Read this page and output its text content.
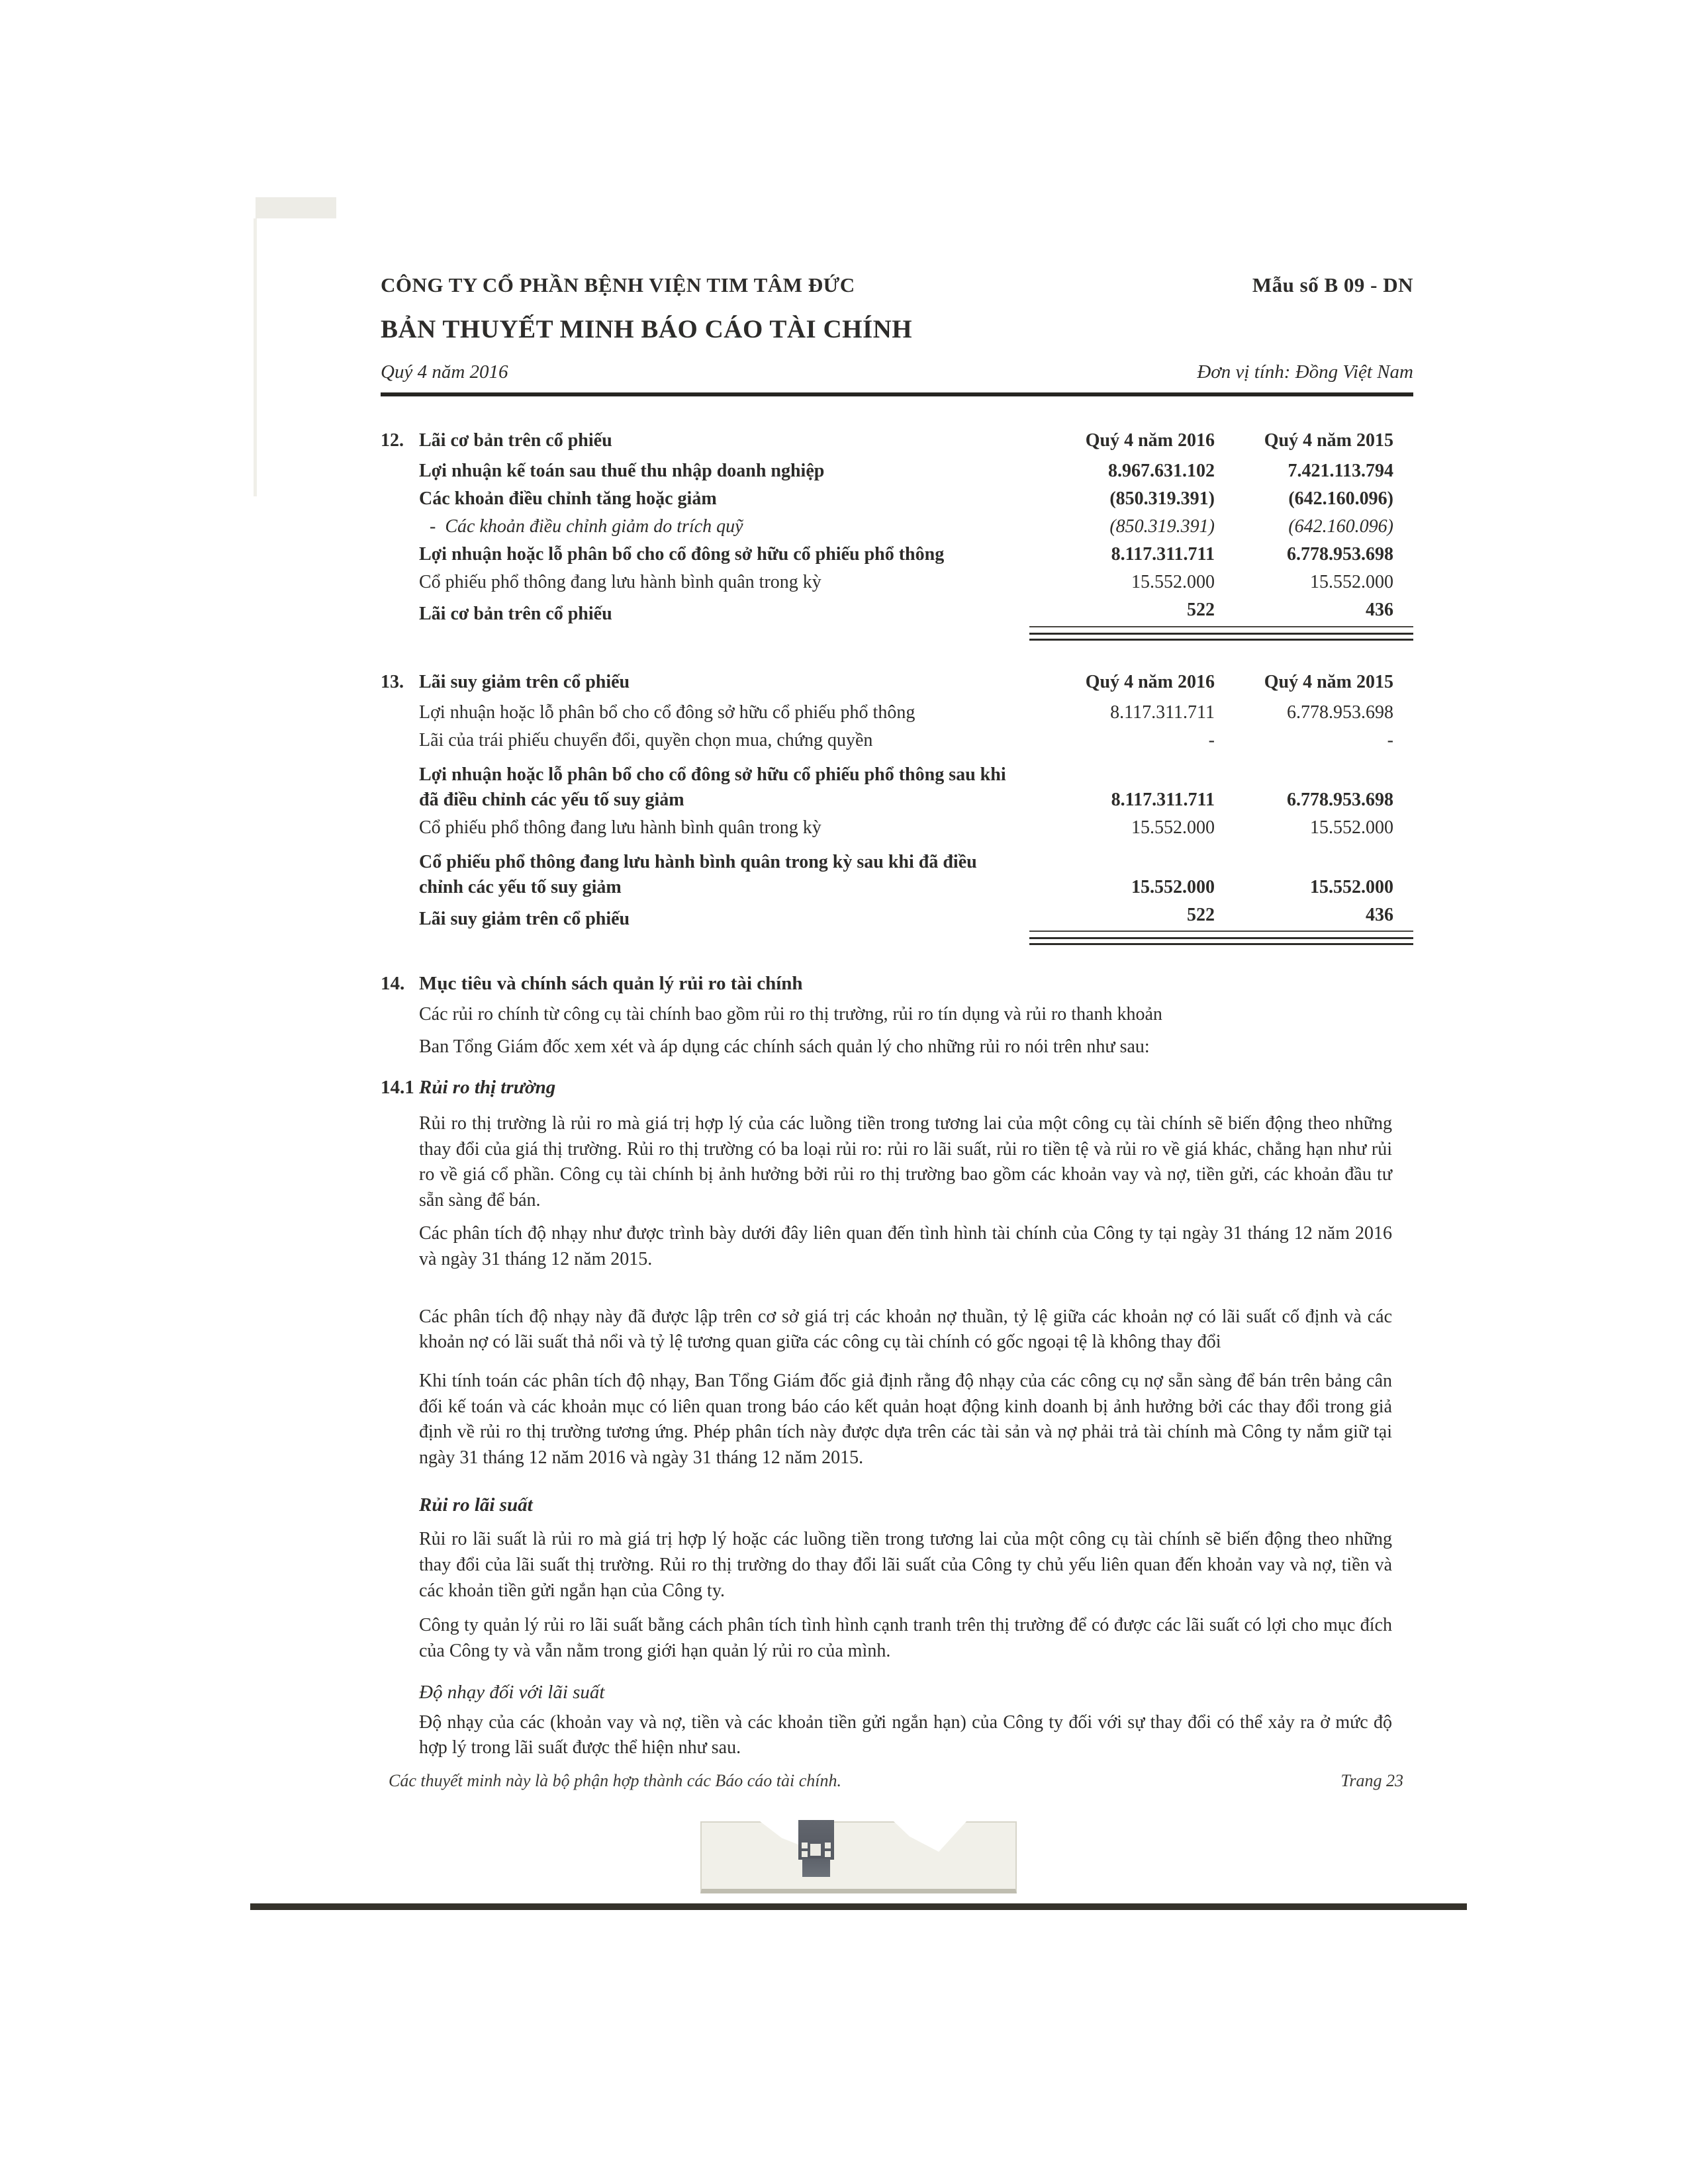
CÔNG TY CỔ PHẦN BỆNH VIỆN TIM TÂM ĐỨC	Mẫu số B 09 - DN
BẢN THUYẾT MINH BÁO CÁO TÀI CHÍNH
Quý 4 năm 2016	Đơn vị tính: Đồng Việt Nam
12. Lãi cơ bản trên cổ phiếu	Quý 4 năm 2016	Quý 4 năm 2015
Lợi nhuận kế toán sau thuế thu nhập doanh nghiệp	8.967.631.102	7.421.113.794
Các khoản điều chỉnh tăng hoặc giảm	(850.319.391)	(642.160.096)
-  Các khoản điều chỉnh giảm do trích quỹ	(850.319.391)	(642.160.096)
Lợi nhuận hoặc lỗ phân bổ cho cổ đông sở hữu cổ phiếu phổ thông	8.117.311.711	6.778.953.698
Cổ phiếu phổ thông đang lưu hành bình quân trong kỳ	15.552.000	15.552.000
Lãi cơ bản trên cổ phiếu	522	436
13. Lãi suy giảm trên cổ phiếu	Quý 4 năm 2016	Quý 4 năm 2015
Lợi nhuận hoặc lỗ phân bổ cho cổ đông sở hữu cổ phiếu phổ thông	8.117.311.711	6.778.953.698
Lãi của trái phiếu chuyển đổi, quyền chọn mua, chứng quyền	-	-
Lợi nhuận hoặc lỗ phân bổ cho cổ đông sở hữu cổ phiếu phổ thông sau khi đã điều chỉnh các yếu tố suy giảm	8.117.311.711	6.778.953.698
Cổ phiếu phổ thông đang lưu hành bình quân trong kỳ	15.552.000	15.552.000
Cổ phiếu phổ thông đang lưu hành bình quân trong kỳ sau khi đã điều chỉnh các yếu tố suy giảm	15.552.000	15.552.000
Lãi suy giảm trên cổ phiếu	522	436
14. Mục tiêu và chính sách quản lý rủi ro tài chính
Các rủi ro chính từ công cụ tài chính bao gồm rủi ro thị trường, rủi ro tín dụng và rủi ro thanh khoản
Ban Tổng Giám đốc xem xét và áp dụng các chính sách quản lý cho những rủi ro nói trên như sau:
14.1 Rủi ro thị trường
Rủi ro thị trường là rủi ro mà giá trị hợp lý của các luồng tiền trong tương lai của một công cụ tài chính sẽ biến động theo những thay đổi của giá thị trường. Rủi ro thị trường có ba loại rủi ro: rủi ro lãi suất, rủi ro tiền tệ và rủi ro về giá khác, chẳng hạn như rủi ro về giá cổ phần. Công cụ tài chính bị ảnh hưởng bởi rủi ro thị trường bao gồm các khoản vay và nợ, tiền gửi, các khoản đầu tư sẵn sàng để bán.
Các phân tích độ nhạy như được trình bày dưới đây liên quan đến tình hình tài chính của Công ty tại ngày 31 tháng 12 năm 2016 và ngày 31 tháng 12 năm 2015.
Các phân tích độ nhạy này đã được lập trên cơ sở giá trị các khoản nợ thuần, tỷ lệ giữa các khoản nợ có lãi suất cố định và các khoản nợ có lãi suất thả nổi và tỷ lệ tương quan giữa các công cụ tài chính có gốc ngoại tệ là không thay đổi
Khi tính toán các phân tích độ nhạy, Ban Tổng Giám đốc giả định rằng độ nhạy của các công cụ nợ sẵn sàng để bán trên bảng cân đối kế toán và các khoản mục có liên quan trong báo cáo kết quản hoạt động kinh doanh bị ảnh hưởng bởi các thay đổi trong giả định về rủi ro thị trường tương ứng. Phép phân tích này được dựa trên các tài sản và nợ phải trả tài chính mà Công ty nắm giữ tại ngày 31 tháng 12 năm 2016 và ngày 31 tháng 12 năm 2015.
Rủi ro lãi suất
Rủi ro lãi suất là rủi ro mà giá trị hợp lý hoặc các luồng tiền trong tương lai của một công cụ tài chính sẽ biến động theo những thay đổi của lãi suất thị trường. Rủi ro thị trường do thay đổi lãi suất của Công ty chủ yếu liên quan đến khoản vay và nợ, tiền và các khoản tiền gửi ngắn hạn của Công ty.
Công ty quản lý rủi ro lãi suất bằng cách phân tích tình hình cạnh tranh trên thị trường để có được các lãi suất có lợi cho mục đích của Công ty và vẫn nằm trong giới hạn quản lý rủi ro của mình.
Độ nhạy đối với lãi suất
Độ nhạy của các (khoản vay và nợ, tiền và các khoản tiền gửi ngắn hạn) của Công ty đối với sự thay đổi có thể xảy ra ở mức độ hợp lý trong lãi suất được thể hiện như sau.
Các thuyết minh này là bộ phận hợp thành các Báo cáo tài chính.	Trang 23
